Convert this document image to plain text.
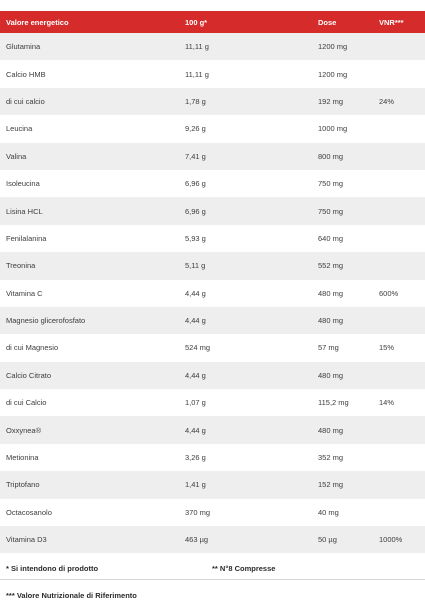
Valore energetico	100 g*	Dose	VNR***
Glutamina	11,11 g	1200 mg	
Calcio HMB	11,11 g	1200 mg	
di cui calcio	1,78 g	192 mg	24%
Leucina	9,26 g	1000 mg	
Valina	7,41 g	800 mg	
Isoleucina	6,96 g	750 mg	
Lisina HCL	6,96 g	750 mg	
Fenilalanina	5,93 g	640 mg	
Treonina	5,11 g	552 mg	
Vitamina C	4,44 g	480 mg	600%
Magnesio glicerofosfato	4,44 g	480 mg	
di cui Magnesio	524 mg	57 mg	15%
Calcio Citrato	4,44 g	480 mg	
di cui Calcio	1,07 g	115,2 mg	14%
Oxxynea®	4,44 g	480 mg	
Metionina	3,26 g	352 mg	
Triptofano	1,41 g	152 mg	
Octacosanolo	370 mg	40 mg	
Vitamina D3	463 µg	50 µg	1000%
* Si intendono di prodotto	** N°8 Compresse
*** Valore Nutrizionale di Riferimento
